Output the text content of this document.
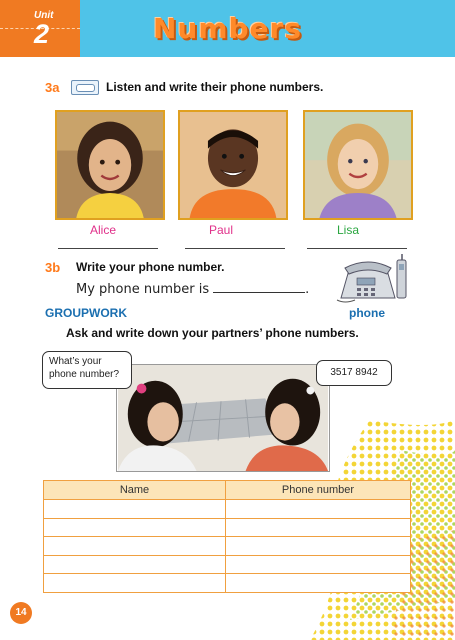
Unit
2	Numbers
3a	Listen and write their phone numbers.
Alice	Paul	Lisa
3b Write your phone number.
My phone number is	.
GROUPWORK	phone
Ask and write down your partners’ phone numbers.
What’s your
phone number?	3517 8942
Name	Phone number

14
